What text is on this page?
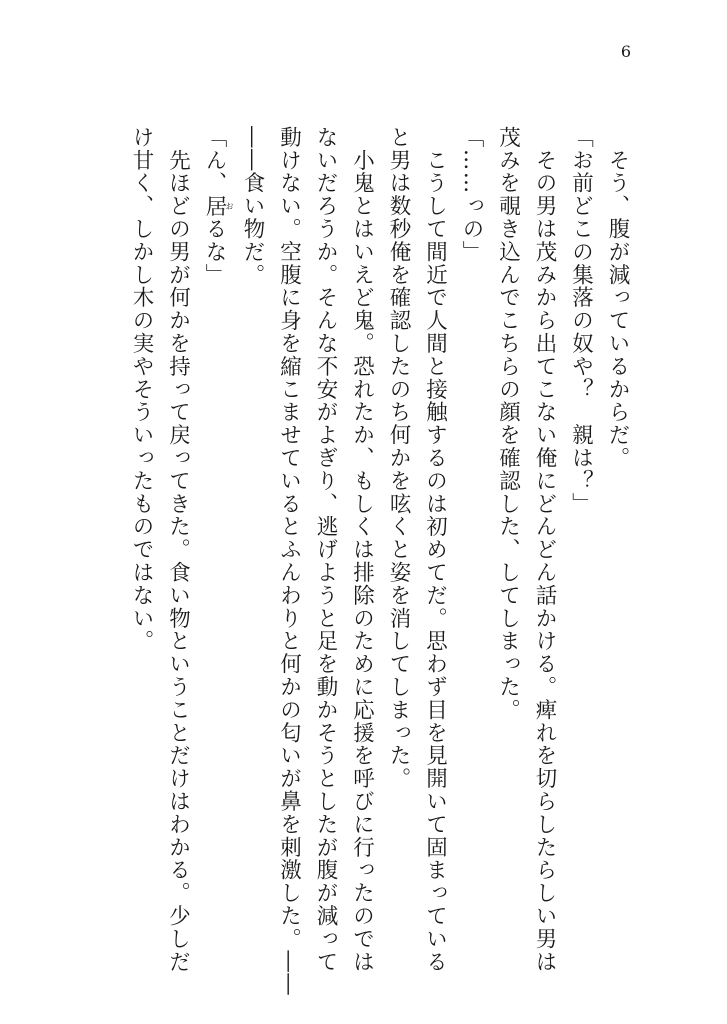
6

　そう、腹が減っているからだ。

「お前どこの集落の奴や？　親は？」

　その男は茂みから出てこない俺にどんどん話かける。痺れを切らしたらしい男は

茂みを覗き込んでこちらの顔を確認した、してしまった。

「……っの」

　こうして間近で人間と接触するのは初めてだ。思わず目を見開いて固まっている

と男は数秒俺を確認したのち何かを呟くと姿を消してしまった。

　小鬼とはいえど鬼。恐れたか、もしくは排除のために応援を呼びに行ったのでは

ないだろうか。そんな不安がよぎり、逃げようと足を動かそうとしたが腹が減って

動けない。空腹に身を縮こませているとふんわりと何かの匂いが鼻を刺激した。――

――食い物だ。

「ん、居おるな」

　先ほどの男が何かを持って戻ってきた。食い物ということだけはわかる。少しだ

け甘く、しかし木の実やそういったものではない。
